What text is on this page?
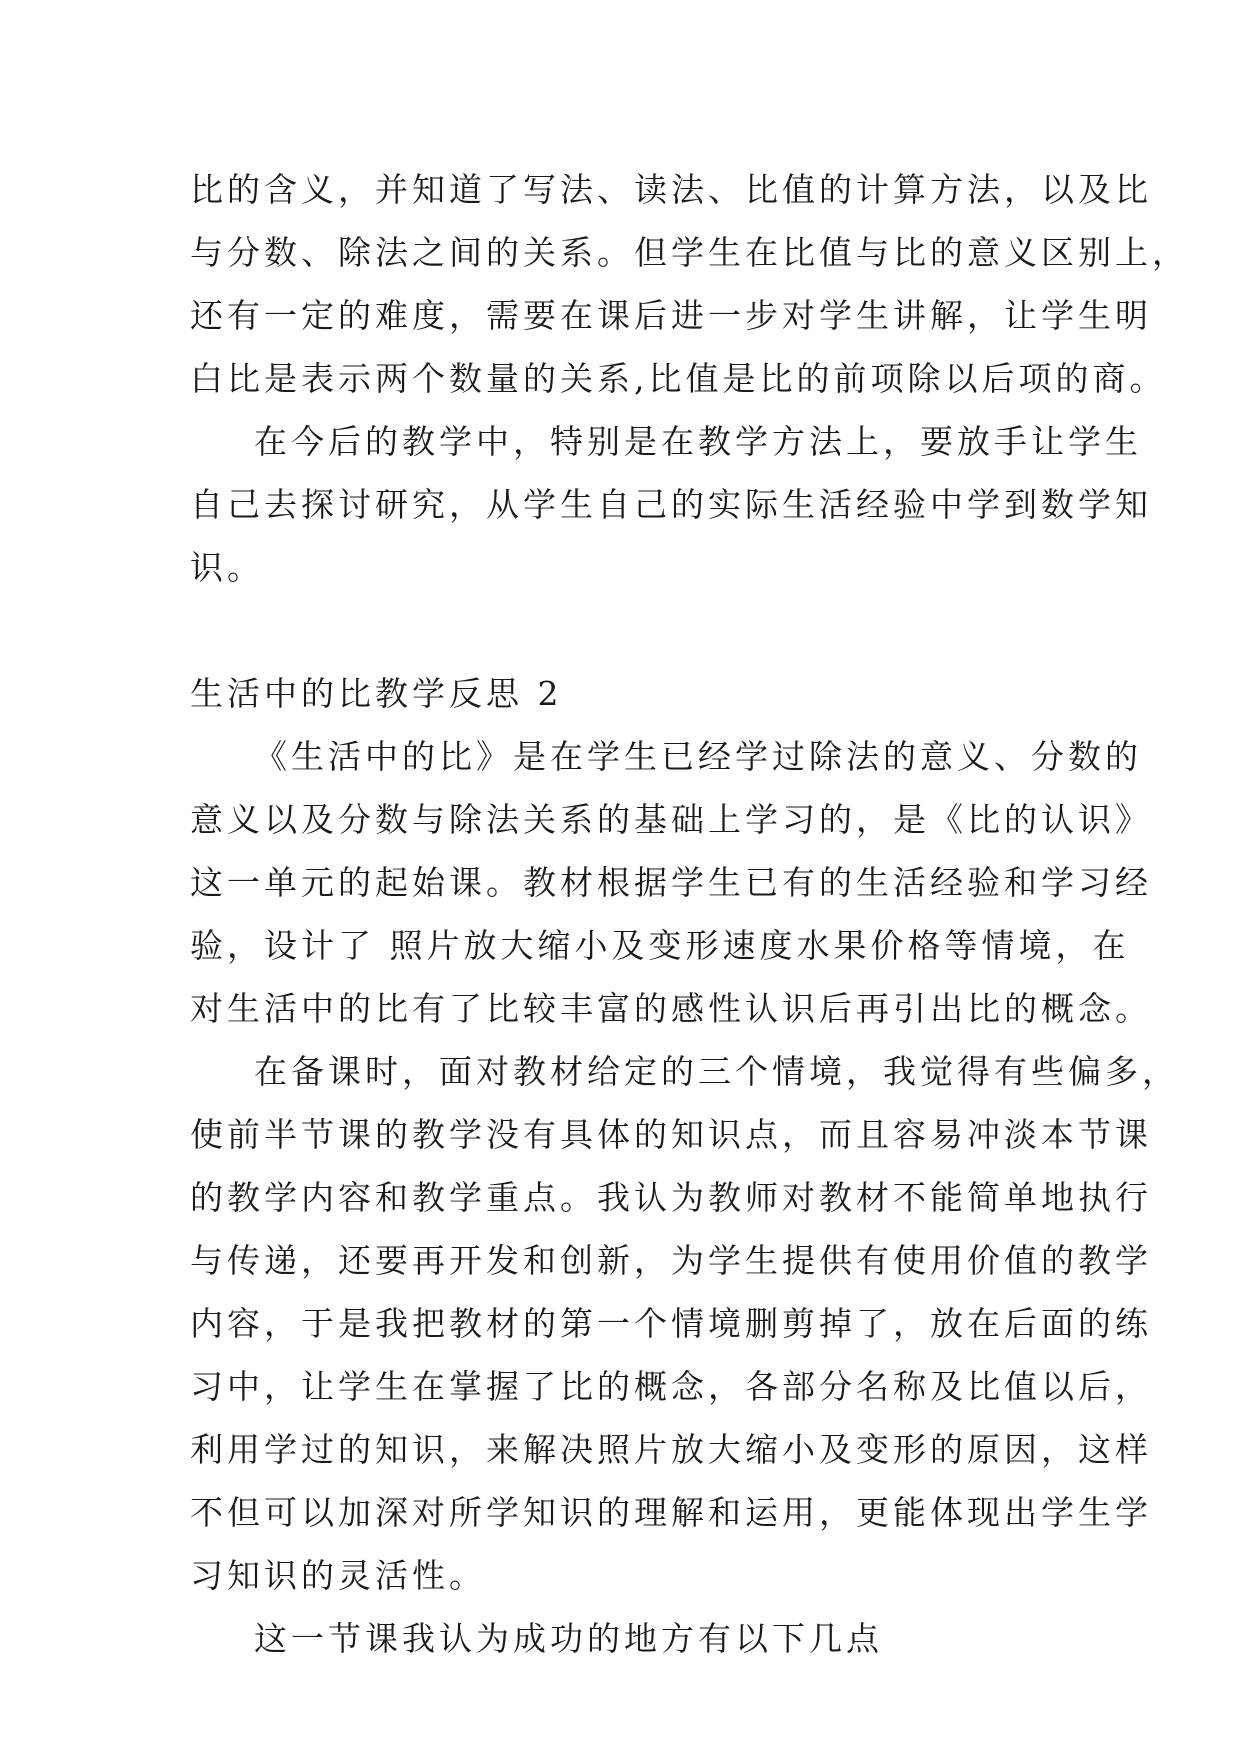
比的含义，并知道了写法、读法、比值的计算方法，以及比
与分数、除法之间的关系。但学生在比值与比的意义区别上，
还有一定的难度，需要在课后进一步对学生讲解，让学生明
白比是表示两个数量的关系,比值是比的前项除以后项的商。
在今后的教学中，特别是在教学方法上，要放手让学生
自己去探讨研究，从学生自己的实际生活经验中学到数学知
识。
生活中的比教学反思 2
《生活中的比》是在学生已经学过除法的意义、分数的
意义以及分数与除法关系的基础上学习的，是《比的认识》
这一单元的起始课。教材根据学生已有的生活经验和学习经
验，设计了 照片放大缩小及变形速度水果价格等情境，在
对生活中的比有了比较丰富的感性认识后再引出比的概念。
在备课时，面对教材给定的三个情境，我觉得有些偏多，
使前半节课的教学没有具体的知识点，而且容易冲淡本节课
的教学内容和教学重点。我认为教师对教材不能简单地执行
与传递，还要再开发和创新，为学生提供有使用价值的教学
内容，于是我把教材的第一个情境删剪掉了，放在后面的练
习中，让学生在掌握了比的概念，各部分名称及比值以后，
利用学过的知识，来解决照片放大缩小及变形的原因，这样
不但可以加深对所学知识的理解和运用，更能体现出学生学
习知识的灵活性。
这一节课我认为成功的地方有以下几点
